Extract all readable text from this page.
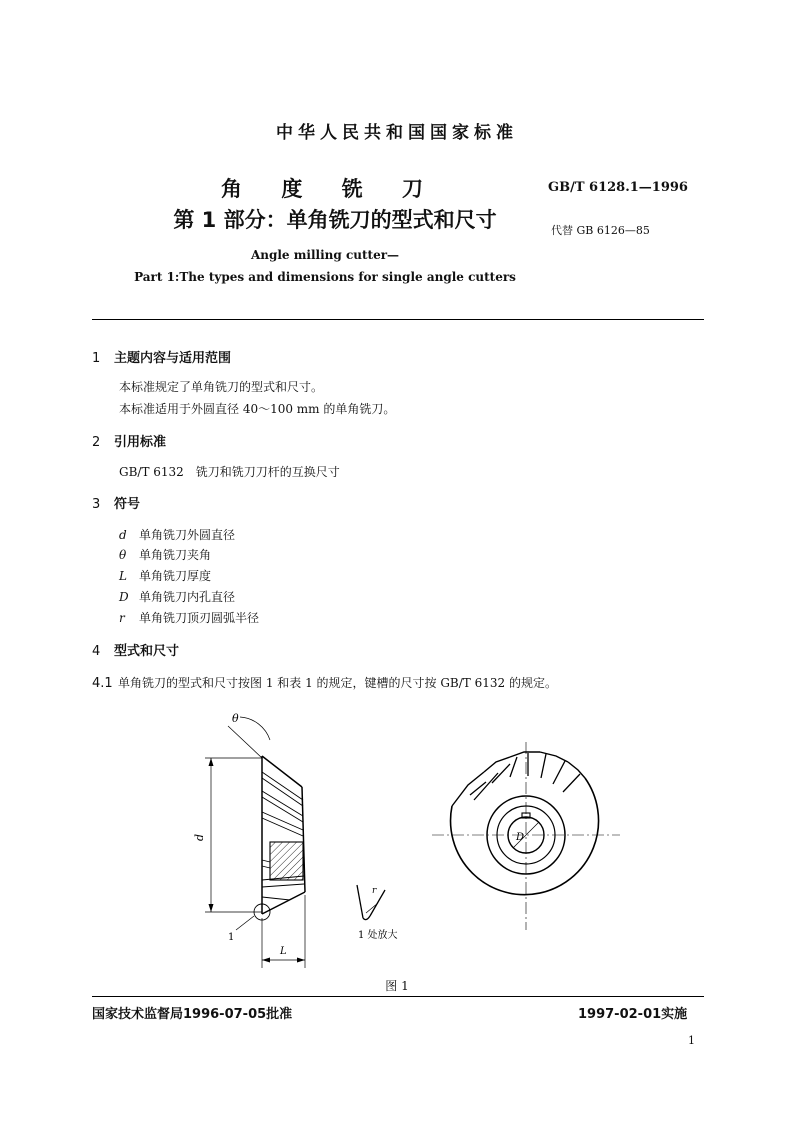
中华人民共和国国家标准
角 度 铣 刀
第 1 部分：单角铣刀的型式和尺寸
GB/T 6128.1—1996
代替 GB 6126—85
Angle milling cutter—
Part 1:The types and dimensions for single angle cutters
1 主题内容与适用范围
本标准规定了单角铣刀的型式和尺寸。
本标准适用于外圆直径 40～100 mm 的单角铣刀。
2 引用标准
GB/T 6132　铣刀和铣刀刀杆的互换尺寸
3 符号
d 单角铣刀外圆直径
θ 单角铣刀夹角
L 单角铣刀厚度
D 单角铣刀内孔直径
r 单角铣刀顶刃圆弧半径
4 型式和尺寸
4.1 单角铣刀的型式和尺寸按图 1 和表 1 的规定，键槽的尺寸按 GB/T 6132 的规定。
θ
d
1
L
D
r
1 处放大
图 1
国家技术监督局1996-07-05批准	1997-02-01实施
1
